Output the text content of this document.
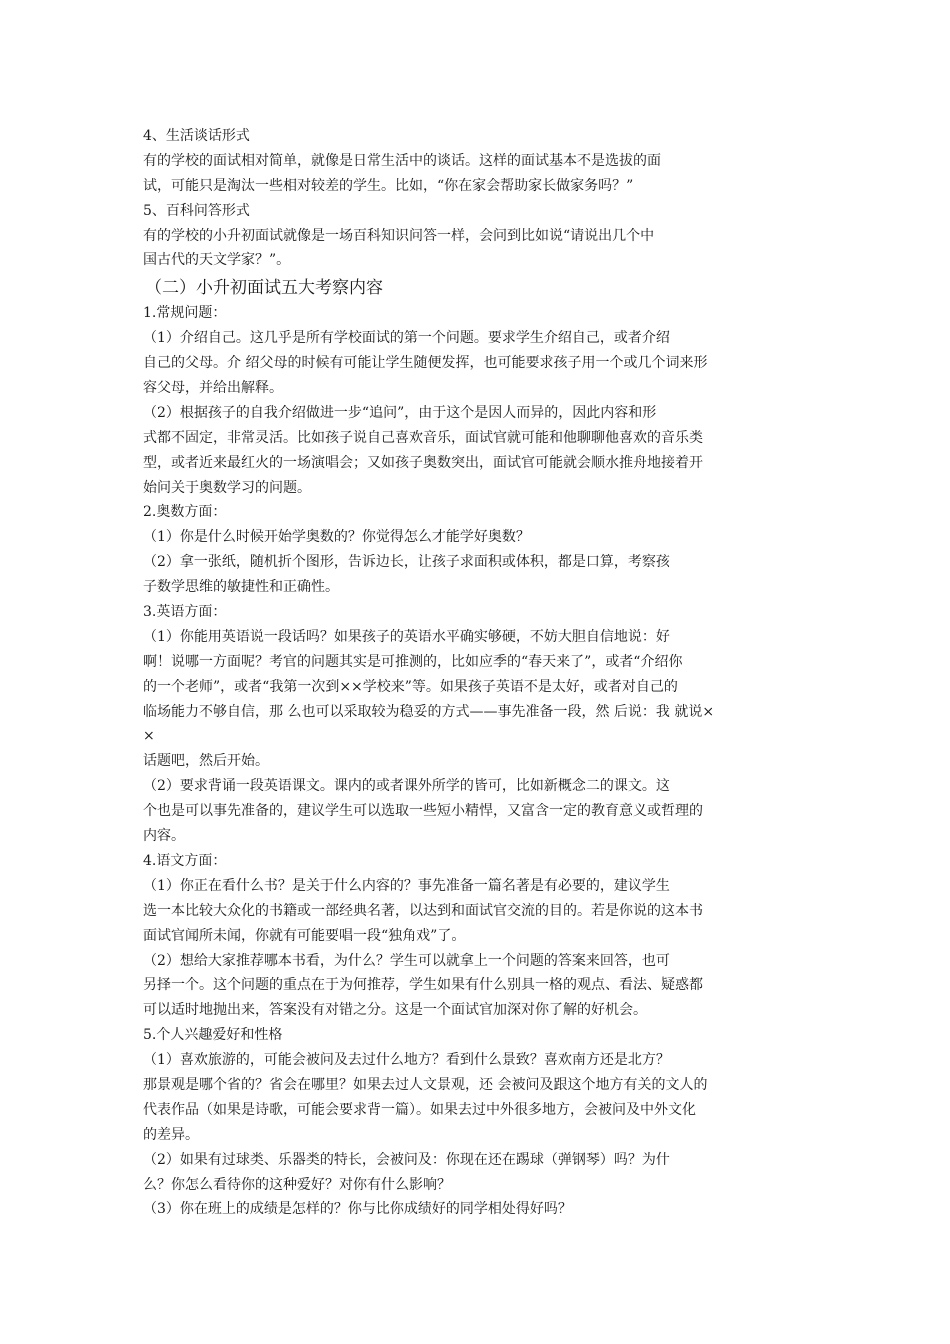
4、生活谈话形式

有的学校的面试相对简单，就像是日常生活中的谈话。这样的面试基本不是选拔的面

试，可能只是淘汰一些相对较差的学生。比如，“你在家会帮助家长做家务吗？”

5、百科问答形式

有的学校的小升初面试就像是一场百科知识问答一样，会问到比如说“请说出几个中

国古代的天文学家？”。

（二）小升初面试五大考察内容

1.常规问题：

（1）介绍自己。这几乎是所有学校面试的第一个问题。要求学生介绍自己，或者介绍

自己的父母。介 绍父母的时候有可能让学生随便发挥，也可能要求孩子用一个或几个词来形

容父母，并给出解释。

（2）根据孩子的自我介绍做进一步“追问”，由于这个是因人而异的，因此内容和形

式都不固定，非常灵活。比如孩子说自己喜欢音乐，面试官就可能和他聊聊他喜欢的音乐类

型，或者近来最红火的一场演唱会；又如孩子奥数突出，面试官可能就会顺水推舟地接着开

始问关于奥数学习的问题。

2.奥数方面：

（1）你是什么时候开始学奥数的？你觉得怎么才能学好奥数？

（2）拿一张纸，随机折个图形，告诉边长，让孩子求面积或体积，都是口算，考察孩

子数学思维的敏捷性和正确性。

3.英语方面：

（1）你能用英语说一段话吗？如果孩子的英语水平确实够硬，不妨大胆自信地说：好

啊！说哪一方面呢？考官的问题其实是可推测的，比如应季的“春天来了”，或者“介绍你

的一个老师”，或者“我第一次到××学校来”等。如果孩子英语不是太好，或者对自己的

临场能力不够自信，那 么也可以采取较为稳妥的方式——事先准备一段，然 后说：我 就说×

×

话题吧，然后开始。

（2）要求背诵一段英语课文。课内的或者课外所学的皆可，比如新概念二的课文。这

个也是可以事先准备的，建议学生可以选取一些短小精悍，又富含一定的教育意义或哲理的

内容。

4.语文方面：

（1）你正在看什么书？是关于什么内容的？事先准备一篇名著是有必要的，建议学生

选一本比较大众化的书籍或一部经典名著，以达到和面试官交流的目的。若是你说的这本书

面试官闻所未闻，你就有可能要唱一段“独角戏”了。

（2）想给大家推荐哪本书看，为什么？学生可以就拿上一个问题的答案来回答，也可

另择一个。这个问题的重点在于为何推荐，学生如果有什么别具一格的观点、看法、疑惑都

可以适时地抛出来，答案没有对错之分。这是一个面试官加深对你了解的好机会。

5.个人兴趣爱好和性格

（1）喜欢旅游的，可能会被问及去过什么地方？看到什么景致？喜欢南方还是北方？

那景观是哪个省的？省会在哪里？如果去过人文景观，还 会被问及跟这个地方有关的文人的

代表作品（如果是诗歌，可能会要求背一篇）。如果去过中外很多地方，会被问及中外文化

的差异。

（2）如果有过球类、乐器类的特长，会被问及：你现在还在踢球（弹钢琴）吗？为什

么？你怎么看待你的这种爱好？对你有什么影响？

（3）你在班上的成绩是怎样的？你与比你成绩好的同学相处得好吗？
